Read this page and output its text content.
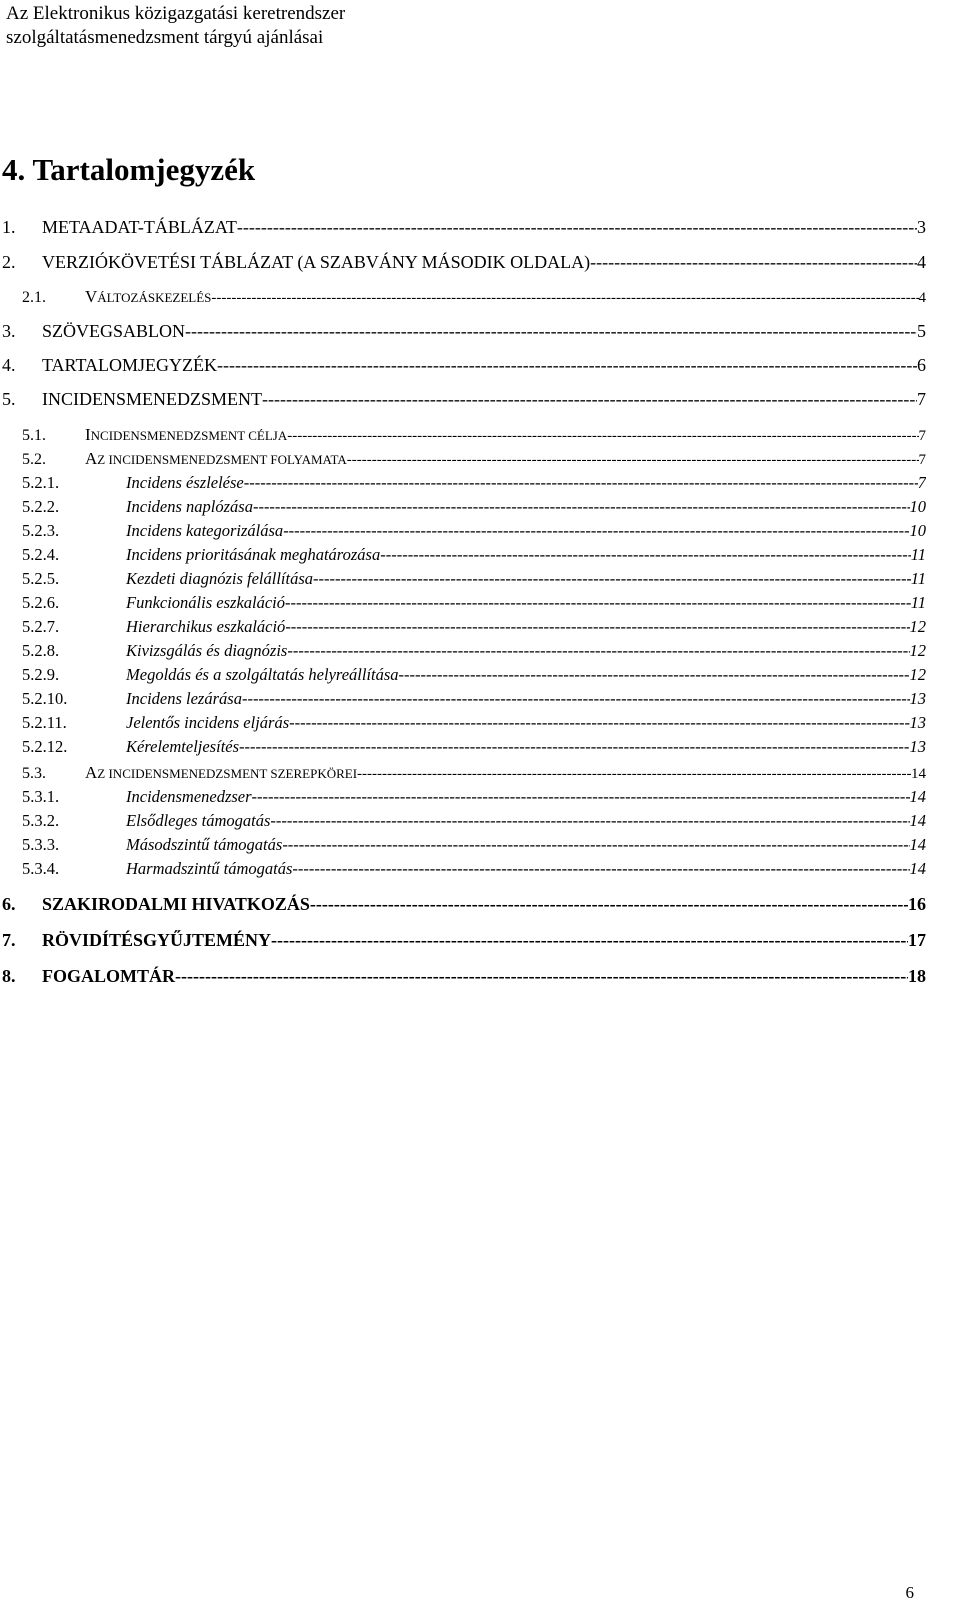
Az Elektronikus közigazgatási keretrendszer
szolgáltatásmenedzsment tárgyú ajánlásai
4. Tartalomjegyzék
1.	METAADAT-TÁBLÁZAT -----	3
2.	VERZIÓKÖVETÉSI TÁBLÁZAT (A SZABVÁNY MÁSODIK OLDALA) -----	4
2.1.	VÁLTOZÁSKEZELÉS -----	4
3.	SZÖVEGSABLON -----	5
4.	TARTALOMJEGYZÉK -----	6
5.	INCIDENSMENEDZSMENT -----	7
5.1.	INCIDENSMENEDZSMENT CÉLJA -----	7
5.2.	AZ INCIDENSMENEDZSMENT FOLYAMATA -----	7
5.2.1.	Incidens észlelése -----	7
5.2.2.	Incidens naplózása -----	10
5.2.3.	Incidens kategorizálása -----	10
5.2.4.	Incidens prioritásának meghatározása -----	11
5.2.5.	Kezdeti diagnózis felállítása -----	11
5.2.6.	Funkcionális eszkaláció -----	11
5.2.7.	Hierarchikus eszkaláció -----	12
5.2.8.	Kivizsgálás és diagnózis -----	12
5.2.9.	Megoldás és a szolgáltatás helyreállítása -----	12
5.2.10.	Incidens lezárása -----	13
5.2.11.	Jelentős incidens eljárás -----	13
5.2.12.	Kérelemteljesítés -----	13
5.3.	AZ INCIDENSMENEDZSMENT SZEREPKÖREI -----	14
5.3.1.	Incidensmenedzser -----	14
5.3.2.	Elsődleges támogatás -----	14
5.3.3.	Másodszintű támogatás -----	14
5.3.4.	Harmadszintű támogatás -----	14
6.	SZAKIRODALMI HIVATKOZÁS -----	16
7.	RÖVIDÍTÉSGYŰJTEMÉNY -----	17
8.	FOGALOMTÁR -----	18
6
